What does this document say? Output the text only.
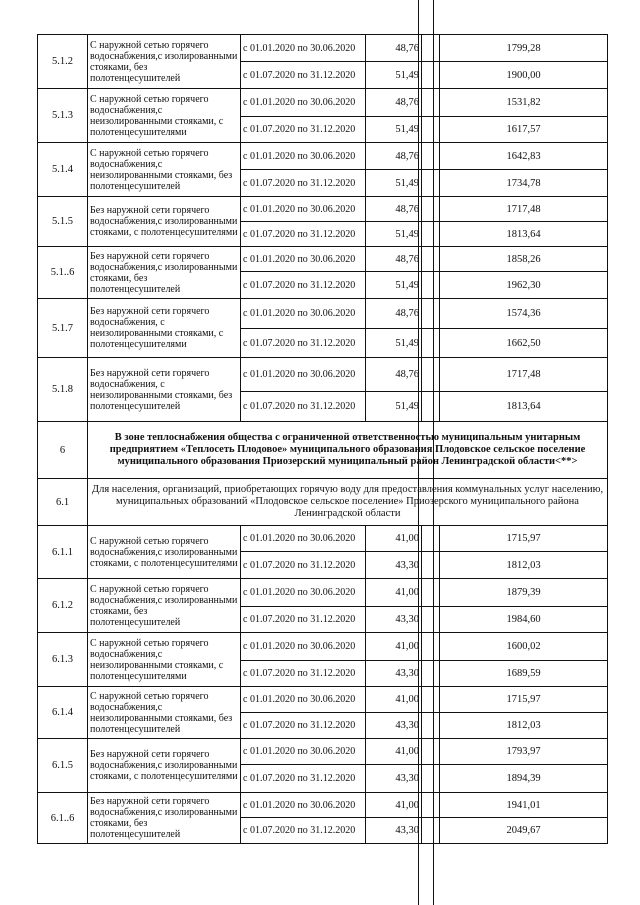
5.1.2	С наружной сетью горячего водоснабжения,с изолированными стояками, без полотенцесушителей	с 01.01.2020 по 30.06.2020	48,76		1799,28
		с 01.07.2020 по 31.12.2020	51,49		1900,00
5.1.3	С наружной сетью горячего водоснабжения,с неизолированными стояками, с полотенцесушителями	с 01.01.2020 по 30.06.2020	48,76		1531,82
		с 01.07.2020 по 31.12.2020	51,49		1617,57
5.1.4	С наружной сетью горячего водоснабжения,с неизолированными стояками, без полотенцесушителей	с 01.01.2020 по 30.06.2020	48,76		1642,83
		с 01.07.2020 по 31.12.2020	51,49		1734,78
5.1.5	Без наружной сети горячего водоснабжения,с изолированными стояками, с полотенцесушителями	с 01.01.2020 по 30.06.2020	48,76		1717,48
		с 01.07.2020 по 31.12.2020	51,49		1813,64
5.1..6	Без наружной сети горячего водоснабжения,с изолированными стояками, без полотенцесушителей	с 01.01.2020 по 30.06.2020	48,76		1858,26
		с 01.07.2020 по 31.12.2020	51,49		1962,30
5.1.7	Без наружной сети горячего водоснабжения, с неизолированными стояками, с полотенцесушителями	с 01.01.2020 по 30.06.2020	48,76		1574,36
		с 01.07.2020 по 31.12.2020	51,49		1662,50
5.1.8	Без наружной сети горячего водоснабжения, с неизолированными стояками, без полотенцесушителей	с 01.01.2020 по 30.06.2020	48,76		1717,48
		с 01.07.2020 по 31.12.2020	51,49		1813,64
6	В зоне теплоснабжения общества с ограниченной ответственностью муниципальным унитарным предприятием «Теплосеть Плодовое» муниципального образования Плодовское сельское поселение муниципального образования Приозерский муниципальный район Ленинградской области<**>				
6.1	Для населения, организаций, приобретающих горячую воду для предоставления коммунальных услуг населению, муниципальных образований «Плодовское сельское поселение» Приозерского муниципального района Ленинградской области				
6.1.1	С наружной сетью горячего водоснабжения,с изолированными стояками, с полотенцесушителями	с 01.01.2020 по 30.06.2020	41,00		1715,97
		с 01.07.2020 по 31.12.2020	43,30		1812,03
6.1.2	С наружной сетью горячего водоснабжения,с изолированными стояками, без полотенцесушителей	с 01.01.2020 по 30.06.2020	41,00		1879,39
		с 01.07.2020 по 31.12.2020	43,30		1984,60
6.1.3	С наружной сетью горячего водоснабжения,с неизолированными стояками, с полотенцесушителями	с 01.01.2020 по 30.06.2020	41,00		1600,02
		с 01.07.2020 по 31.12.2020	43,30		1689,59
6.1.4	С наружной сетью горячего водоснабжения,с неизолированными стояками, без полотенцесушителей	с 01.01.2020 по 30.06.2020	41,00		1715,97
		с 01.07.2020 по 31.12.2020	43,30		1812,03
6.1.5	Без наружной сети горячего водоснабжения,с изолированными стояками, с полотенцесушителями	с 01.01.2020 по 30.06.2020	41,00		1793,97
		с 01.07.2020 по 31.12.2020	43,30		1894,39
6.1..6	Без наружной сети горячего водоснабжения,с изолированными стояками, без полотенцесушителей	с 01.01.2020 по 30.06.2020	41,00		1941,01
		с 01.07.2020 по 31.12.2020	43,30		2049,67
